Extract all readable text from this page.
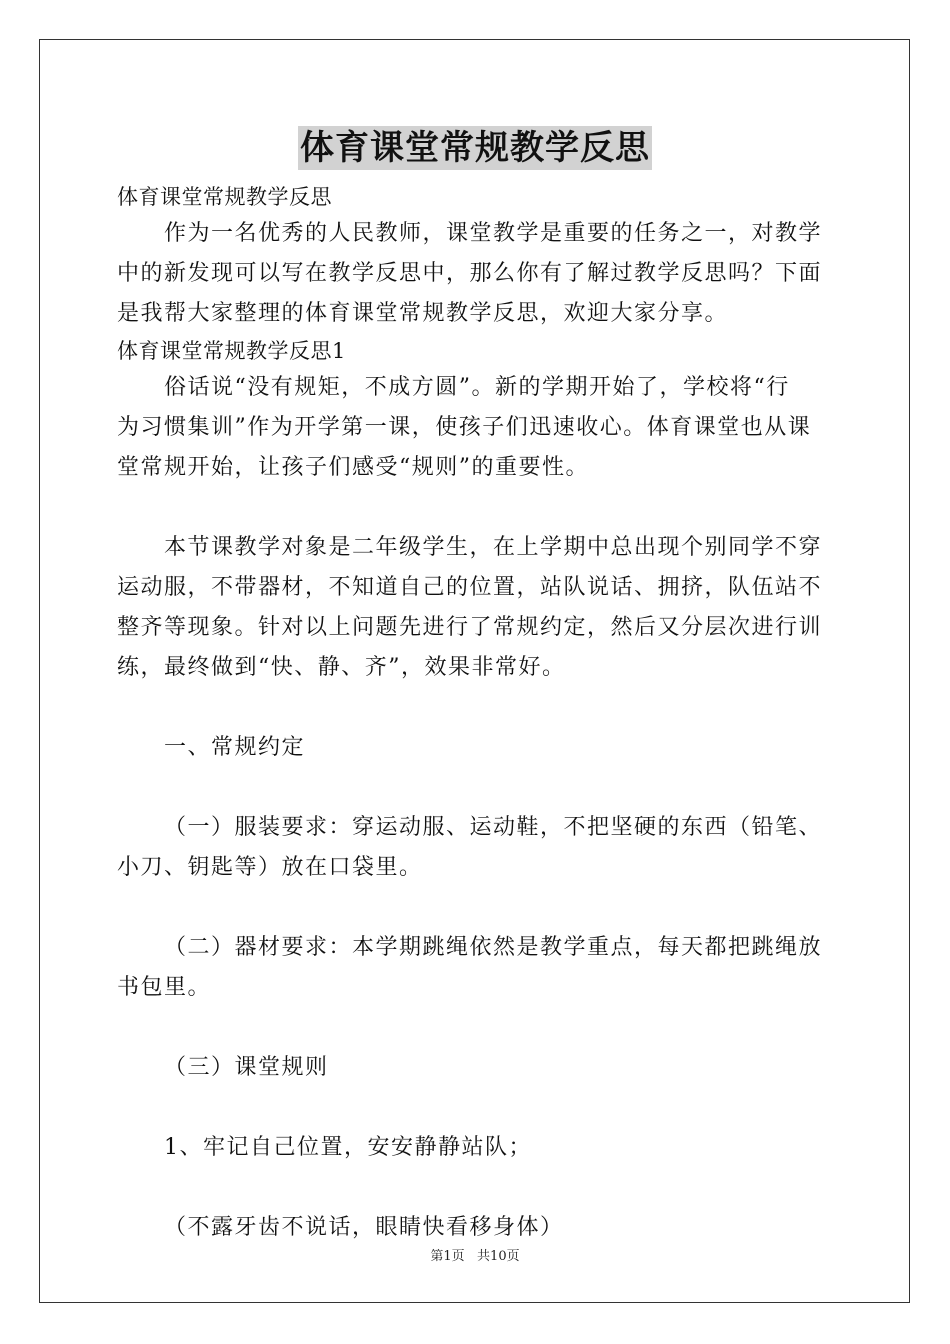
体育课堂常规教学反思
体育课堂常规教学反思
作为一名优秀的人民教师，课堂教学是重要的任务之一，对教学
中的新发现可以写在教学反思中，那么你有了解过教学反思吗？下面
是我帮大家整理的体育课堂常规教学反思，欢迎大家分享。
体育课堂常规教学反思1
俗话说“没有规矩，不成方圆”。新的学期开始了，学校将“行
为习惯集训”作为开学第一课，使孩子们迅速收心。体育课堂也从课
堂常规开始，让孩子们感受“规则”的重要性。
本节课教学对象是二年级学生，在上学期中总出现个别同学不穿
运动服，不带器材，不知道自己的位置，站队说话、拥挤，队伍站不
整齐等现象。针对以上问题先进行了常规约定，然后又分层次进行训
练，最终做到“快、静、齐”，效果非常好。
一、常规约定
（一）服装要求：穿运动服、运动鞋，不把坚硬的东西（铅笔、
小刀、钥匙等）放在口袋里。
（二）器材要求：本学期跳绳依然是教学重点，每天都把跳绳放
书包里。
（三）课堂规则
1、牢记自己位置，安安静静站队；
（不露牙齿不说话，眼睛快看移身体）
第1页   共10页
